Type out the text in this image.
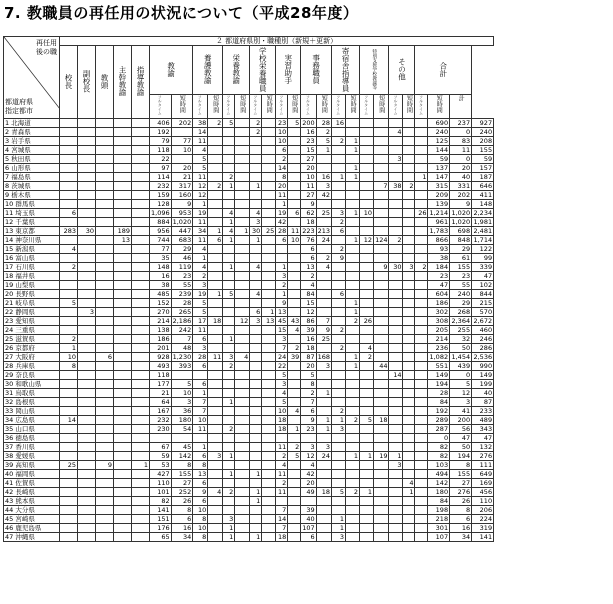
7. 教職員の再任用の状況について（平成28年度）
再任用
後の職
都道府県
指定都市	２ 都道府県別・職種別（新規＋更新）																										
	校長	副校長	教頭	主幹教諭	指導教諭	教諭		養護教諭		栄養教諭		学校栄養職員		実習助手		事務職員		寄宿舎指導員		特別支援学校教諭等		その他		合計			
						フルタイム	短時間	フルタイム	短時間	フルタイム	短時間	フルタイム	短時間	フルタイム	短時間	フルタイム	短時間	フルタイム	短時間	フルタイム	短時間	フルタイム	短時間	フルタイム	短時間	計	
1 北海道						406	202	38	2	5		2		23	5	200	28	16							690	237	927
2 青森県						192		14				2		10		16	2					4			240	0	240
3 岩手県						79	77	11						10		23	5	2	1						125	83	208
4 宮城県						118	10	4						6		15	1		1						144	11	155
5 秋田県						22		5						2		27						3			59	0	59
6 山形県						97	20	5						14		20			1						137	20	157
7 福島県						114	21	11		2				8		10	16	1	1					1	147	40	187
8 茨城県						232	317	12	2	1		1		20		11	3				7	38	2		315	331	646
9 栃木県						159	160	12						11		27	42								209	202	411
10 群馬県						128	9	1						1		9									139	9	148
11 埼玉県	6					1,096	953	19		4		4		19	6	62	25	3	1	10				26	1,214	1,020	2,234
12 千葉県						884	1,020	11		1		3		42		18		2							961	1,020	1,981
13 東京都	283	30		189		956	447	34	1	4	1	30	25	28	11	223	213	6							1,783	698	2,481
14 神奈川県				13		744	683	11	6	1		1		6	10	76	24		1	12	124	2			866	848	1,714
15 新潟県	4					77	29	4								6		2							93	29	122
16 富山県						35	46	1								6	2	9							38	61	99
17 石川県	2					148	119	4		1		4		1		13	4				9	30	3	2	184	155	339
18 福井県						16	23	2						3		2									23	23	47
19 山梨県						38	55	3						2		4									47	55	102
20 長野県						485	239	19	1	5		4		1		84		6							604	240	844
21 岐阜県	5					152	28	5						9		15			1						186	29	215
22 静岡県		3				270	265	5				6	1	13		12			1						302	268	570
23 愛知県						214	2,186	17	18		12	3	13	45	43	86	7		2	26					308	2,364	2,672
24 三重県						138	242	11						15	4	39	9	2							205	255	460
25 滋賀県	2					186	7	6		1				3		16	25								214	32	246
26 京都府	1					201	48	3						7	2	18		2		4					236	50	286
27 大阪府	10		6			928	1,230	28	11	3	4			24	39	87	168		1	2					1,082	1,454	2,536
28 兵庫県	8					493	393	6		2				22		20	3		1		44				551	439	990
29 奈良県						118								5		5						14			149	0	149
30 和歌山県						177	5	6						3		8									194	5	199
31 鳥取県						21	10	1						4		2	1								28	12	40
32 島根県						64	3	7		1				5		7									84	3	87
33 岡山県						167	36	7						10	4	6		2							192	41	233
34 広島県	14					232	180	10						18		9	1	1	2	5	18				289	200	489
35 山口県						230	54	11		2				18	1	23	1	3							287	56	343
36 徳島県																									0	47	47
37 香川県						67	45	1						11	2	3	3								82	50	132
38 愛媛県						59	142	6	3	1				2	5	12	24		1	1	19	1			82	194	276
39 高知県	25		9		1	53	8	8						4		4						3			103	8	111
40 福岡県						427	155	13		1		1		11		42									494	155	649
41 佐賀県						110	27	6						2		20							4		142	27	169
42 長崎県						101	252	9	4	2		1		11		49	18	5	2	1			1		180	276	456
43 熊本県						82	26	6				1													84	26	110
44 大分県						141	8	10						7		39									198	8	206
45 宮崎県						151	6	8		3				14		40		1							218	6	224
46 鹿児島県						176	16	10		1				7		107		1							301	16	319
47 沖縄県						65	34	8		1		1		18		6		3							107	34	141
